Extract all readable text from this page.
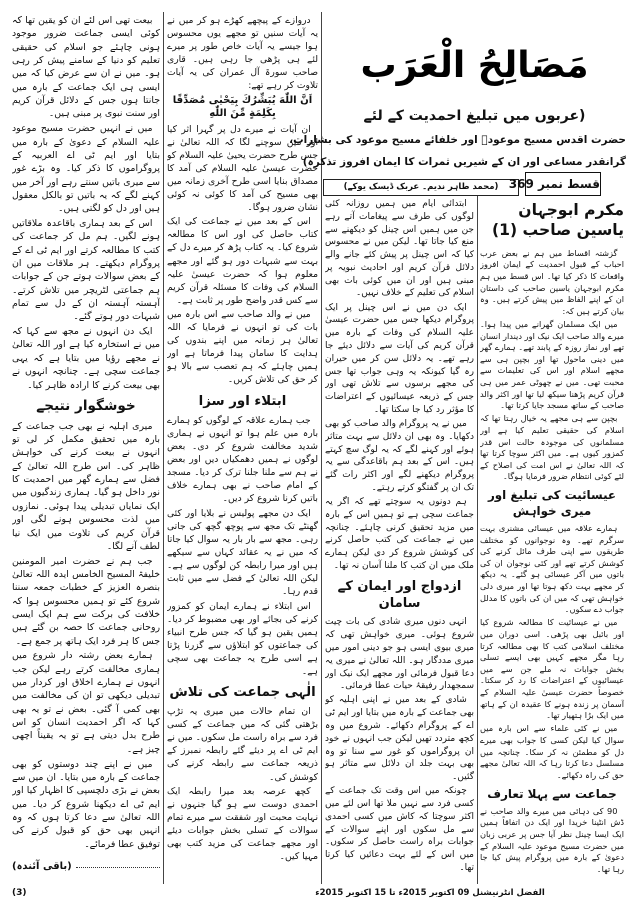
مَصَالِحُ الْعَرَب
(عربوں میں تبلیغ احمدیت کے لئے
حضرت اقدس مسیح موعودؑ اور خلفائے مسیح موعود کی بشارات،
گرانقدر مساعی اور ان کے شیریں ثمرات کا ایمان افروز تذکرہ)
(محمد طاہر ندیم۔ عربک ڈیسک یوکے) قسط نمبر 369
مکرم ابوجہان یاسین صاحب (1)

گزشتہ اقساط میں ہم نے بعض عرب احباب کے قبول احمدیت کے ایمان افروز واقعات کا ذکر کیا تھا۔ اس قسط میں ہم مکرم ابوجہان یاسین صاحب کی داستان ان کے اپنے الفاظ میں پیش کرتے ہیں۔ وہ بیان کرتے ہیں کہ:

میں ایک مسلمان گھرانے میں پیدا ہوا۔ میرے والد صاحب ایک نیک اور دیندار انسان تھے اور نماز روزہ کے پابند تھے۔ ہمارے گھر میں دینی ماحول تھا اور بچپن ہی سے مجھے اسلام اور اس کی تعلیمات سے محبت تھی۔ میں نے چھوٹی عمر میں ہی قرآن کریم پڑھنا سیکھ لیا تھا اور اکثر والد صاحب کے ساتھ مسجد جایا کرتا تھا۔

بچپن سے ہی مجھے یہ خیال رہتا تھا کہ اسلام کی حقیقی تعلیم کیا ہے اور مسلمانوں کی موجودہ حالت اس قدر کمزور کیوں ہے۔ میں اکثر سوچا کرتا تھا کہ اللہ تعالیٰ نے اس امت کی اصلاح کے لئے کوئی انتظام ضرور فرمایا ہوگا۔

عیسائیت کی تبلیغ اور میری خواہش

ہمارے علاقہ میں عیسائی مشنری بہت سرگرم تھے۔ وہ نوجوانوں کو مختلف طریقوں سے اپنی طرف مائل کرنے کی کوشش کرتے تھے اور کئی نوجوان ان کی باتوں میں آکر عیسائی ہو گئے۔ یہ دیکھ کر مجھے بہت دکھ ہوتا تھا اور میری دلی خواہش تھی کہ میں ان کی باتوں کا مدلل جواب دے سکوں۔

میں نے عیسائیت کا مطالعہ شروع کیا اور بائبل بھی پڑھی۔ اسی دوران میں مختلف اسلامی کتب کا بھی مطالعہ کرتا رہا مگر مجھے کہیں بھی ایسے تسلی بخش جوابات نہ ملے جن سے میں عیسائیوں کے اعتراضات کا رد کر سکتا۔ خصوصاً حضرت عیسیٰ علیہ السلام کے آسمان پر زندہ ہونے کا عقیدہ ان کے ہاتھ میں ایک بڑا ہتھیار تھا۔

میں نے کئی علماء سے اس بارہ میں سوال کیا لیکن کسی کا جواب بھی میرے دل کو مطمئن نہ کر سکا۔ چنانچہ میں مسلسل دعا کرتا رہا کہ اللہ تعالیٰ مجھے حق کی راہ دکھائے۔

جماعت سے پہلا تعارف

90 کی دہائی میں میرے والد صاحب نے ڈش انٹینا خریدا اور ایک دن اتفاقاً ہمیں ایک ایسا چینل نظر آیا جس پر عربی زبان میں حضرت مسیح موعود علیہ السلام کے دعویٰ کے بارہ میں پروگرام پیش کیا جا رہا تھا۔

ابتدائی ایام میں ہمیں روزانہ کئی لوگوں کی طرف سے پیغامات آتے رہے جن میں ہمیں اس چینل کو دیکھنے سے منع کیا جاتا تھا۔ لیکن میں نے محسوس کیا کہ اس چینل پر پیش کئے جانے والے دلائل قرآن کریم اور احادیث نبویہ پر مبنی ہیں اور ان میں کوئی بات بھی اسلام کی تعلیم کے خلاف نہیں۔

ایک دن میں نے اس چینل پر ایک پروگرام دیکھا جس میں حضرت عیسیٰ علیہ السلام کی وفات کے بارہ میں قرآن کریم کی آیات سے دلائل دیئے جا رہے تھے۔ یہ دلائل سن کر میں حیران رہ گیا کیونکہ یہ وہی جواب تھا جس کی مجھے برسوں سے تلاش تھی اور جس کے ذریعہ عیسائیوں کے اعتراضات کا مؤثر رد کیا جا سکتا تھا۔

میں نے یہ پروگرام والد صاحب کو بھی دکھایا۔ وہ بھی ان دلائل سے بہت متاثر ہوئے اور کہنے لگے کہ یہ لوگ سچ کہتے ہیں۔ اس کے بعد ہم باقاعدگی سے یہ پروگرام دیکھنے لگے اور اکثر رات گئے تک ان پر گفتگو کرتے رہتے۔

ہم دونوں یہ سوچتے تھے کہ اگر یہ جماعت سچی ہے تو ہمیں اس کے بارہ میں مزید تحقیق کرنی چاہئے۔ چنانچہ میں نے جماعت کی کتب حاصل کرنے کی کوشش شروع کر دی لیکن ہمارے ملک میں ان کتب کا ملنا آسان نہ تھا۔

ازدواج اور ایمان کے سامان

انہی دنوں میری شادی کی بات چیت شروع ہوئی۔ میری خواہش تھی کہ میری بیوی ایسی ہو جو دینی امور میں میری مددگار ہو۔ اللہ تعالیٰ نے میری یہ دعا قبول فرمائی اور مجھے ایک نیک اور سمجھدار رفیقۂ حیات عطا فرمائی۔

شادی کے بعد میں نے اپنی اہلیہ کو بھی جماعت کے بارہ میں بتایا اور ایم ٹی اے کے پروگرام دکھائے۔ شروع میں وہ کچھ متردد تھیں لیکن جب انہوں نے خود ان پروگراموں کو غور سے سنا تو وہ بھی بہت جلد ان دلائل سے متاثر ہو گئیں۔

چونکہ میں اس وقت تک جماعت کے کسی فرد سے نہیں ملا تھا اس لئے میں اکثر سوچتا کہ کاش میں کسی احمدی سے مل سکوں اور اپنے سوالات کے جوابات براہ راست حاصل کر سکوں۔ میں اس کے لئے بہت دعائیں کیا کرتا تھا۔

دروازے کے پیچھے کھڑے ہو کر میں نے یہ آیات سنیں تو مجھے یوں محسوس ہوا جیسے یہ آیات خاص طور پر میرے لئے ہی پڑھی جا رہی ہیں۔ قاری صاحب سورۃ آل عمران کی یہ آیات تلاوت کر رہے تھے:

اَنَّ اللّٰهَ يُبَشِّرُكَ بِيَحْيٰى مُصَدِّقًا بِكَلِمَةٍ مِّنَ اللّٰهِ

ان آیات نے میرے دل پر گہرا اثر کیا اور میں سوچنے لگا کہ اللہ تعالیٰ نے جس طرح حضرت یحییٰ علیہ السلام کو حضرت عیسیٰ علیہ السلام کی آمد کا مصداق بنایا اسی طرح آخری زمانہ میں بھی مسیح کی آمد کا کوئی نہ کوئی نشان ضرور ہوگا۔

اس کے بعد میں نے جماعت کی ایک کتاب حاصل کی اور اس کا مطالعہ شروع کیا۔ یہ کتاب پڑھ کر میرے دل کے بہت سے شبہات دور ہو گئے اور مجھے معلوم ہوا کہ حضرت عیسیٰ علیہ السلام کی وفات کا مسئلہ قرآن کریم سے کس قدر واضح طور پر ثابت ہے۔

میں نے والد صاحب سے اس بارہ میں بات کی تو انہوں نے فرمایا کہ اللہ تعالیٰ ہر زمانہ میں اپنے بندوں کی ہدایت کا سامان پیدا فرماتا ہے اور ہمیں چاہئے کہ ہم تعصب سے بالا ہو کر حق کی تلاش کریں۔

ابتلاء اور سزا

جب ہمارے علاقہ کے لوگوں کو ہمارے بارہ میں علم ہوا تو انہوں نے ہماری شدید مخالفت شروع کر دی۔ بعض لوگوں نے ہمیں دھمکیاں دیں اور بعض نے ہم سے ملنا جلنا ترک کر دیا۔ مسجد کے امام صاحب نے بھی ہمارے خلاف باتیں کرنا شروع کر دیں۔

ایک دن مجھے پولیس نے بلایا اور کئی گھنٹے تک مجھ سے پوچھ گچھ کی جاتی رہی۔ مجھ سے بار بار یہ سوال کیا جاتا کہ میں نے یہ عقائد کہاں سے سیکھے ہیں اور میرا رابطہ کن لوگوں سے ہے۔ لیکن اللہ تعالیٰ کے فضل سے میں ثابت قدم رہا۔

اس ابتلاء نے ہمارے ایمان کو کمزور کرنے کی بجائے اور بھی مضبوط کر دیا۔ ہمیں یقین ہو گیا کہ جس طرح انبیاء کی جماعتوں کو ابتلاؤں سے گزرنا پڑتا ہے اسی طرح یہ جماعت بھی سچی ہے۔

الٰہی جماعت کی تلاش

ان تمام حالات میں میری یہ تڑپ بڑھتی گئی کہ میں جماعت کے کسی فرد سے براہ راست مل سکوں۔ میں نے ایم ٹی اے پر دیئے گئے رابطہ نمبرز کے ذریعہ جماعت سے رابطہ کرنے کی کوشش کی۔

کچھ عرصہ بعد میرا رابطہ ایک احمدی دوست سے ہو گیا جنہوں نے نہایت محبت اور شفقت سے میرے تمام سوالات کے تسلی بخش جوابات دیئے اور مجھے جماعت کی مزید کتب بھی مہیا کیں۔

بیعت تھی اس لئے ان کو یقین تھا کہ کوئی ایسی جماعت ضرور موجود ہونی چاہئے جو اسلام کی حقیقی تعلیم کو دنیا کے سامنے پیش کر رہی ہو۔ میں نے ان سے عرض کیا کہ میں ایسی ہی ایک جماعت کے بارہ میں جانتا ہوں جس کے دلائل قرآن کریم اور سنت نبوی پر مبنی ہیں۔

میں نے انہیں حضرت مسیح موعود علیہ السلام کے دعویٰ کے بارہ میں بتایا اور ایم ٹی اے العربیہ کے پروگراموں کا ذکر کیا۔ وہ بڑے غور سے میری باتیں سنتے رہے اور آخر میں کہنے لگے کہ یہ باتیں تو بالکل معقول ہیں اور دل کو لگتی ہیں۔

اس کے بعد ہماری باقاعدہ ملاقاتیں ہونے لگیں۔ ہم مل کر جماعت کی کتب کا مطالعہ کرتے اور ایم ٹی اے کے پروگرام دیکھتے۔ ہر ملاقات میں ان کے بعض سوالات ہوتے جن کے جوابات ہم جماعتی لٹریچر میں تلاش کرتے۔ آہستہ آہستہ ان کے دل سے تمام شبہات دور ہوتے گئے۔

ایک دن انہوں نے مجھ سے کہا کہ میں نے استخارہ کیا ہے اور اللہ تعالیٰ نے مجھے رؤیا میں بتایا ہے کہ یہی جماعت سچی ہے۔ چنانچہ انہوں نے بھی بیعت کرنے کا ارادہ ظاہر کیا۔

خوشگوار نتیجے

میری اہلیہ نے بھی جب جماعت کے بارہ میں تحقیق مکمل کر لی تو انہوں نے بیعت کرنے کی خواہش ظاہر کی۔ اس طرح اللہ تعالیٰ کے فضل سے ہمارے گھر میں احمدیت کا نور داخل ہو گیا۔ ہماری زندگیوں میں ایک نمایاں تبدیلی پیدا ہوئی۔ نمازوں میں لذت محسوس ہونے لگی اور قرآن کریم کی تلاوت میں ایک نیا لطف آنے لگا۔

جب ہم نے حضرت امیر المومنین خلیفۃ المسیح الخامس ایدہ اللہ تعالیٰ بنصرہ العزیز کے خطبات جمعہ سننا شروع کئے تو ہمیں محسوس ہوا کہ خلافت کی برکت سے ہم ایک ایسی روحانی جماعت کا حصہ بن گئے ہیں جس کا ہر فرد ایک ہاتھ پر جمع ہے۔

ہمارے بعض رشتہ دار شروع میں ہماری مخالفت کرتے رہے لیکن جب انہوں نے ہمارے اخلاق اور کردار میں تبدیلی دیکھی تو ان کی مخالفت میں بھی کمی آ گئی۔ بعض نے تو یہ بھی کہا کہ اگر احمدیت انسان کو اس طرح بدل دیتی ہے تو یہ یقیناً اچھی چیز ہے۔

میں نے اپنے چند دوستوں کو بھی جماعت کے بارہ میں بتایا۔ ان میں سے بعض نے بڑی دلچسپی کا اظہار کیا اور ایم ٹی اے دیکھنا شروع کر دیا۔ میں اللہ تعالیٰ سے دعا کرتا ہوں کہ وہ انہیں بھی حق کو قبول کرنے کی توفیق عطا فرمائے۔

(باقی آئندہ)
الفضل انٹرنیشنل 09 اکتوبر 2015ء تا 15 اکتوبر 2015ء
(3)
